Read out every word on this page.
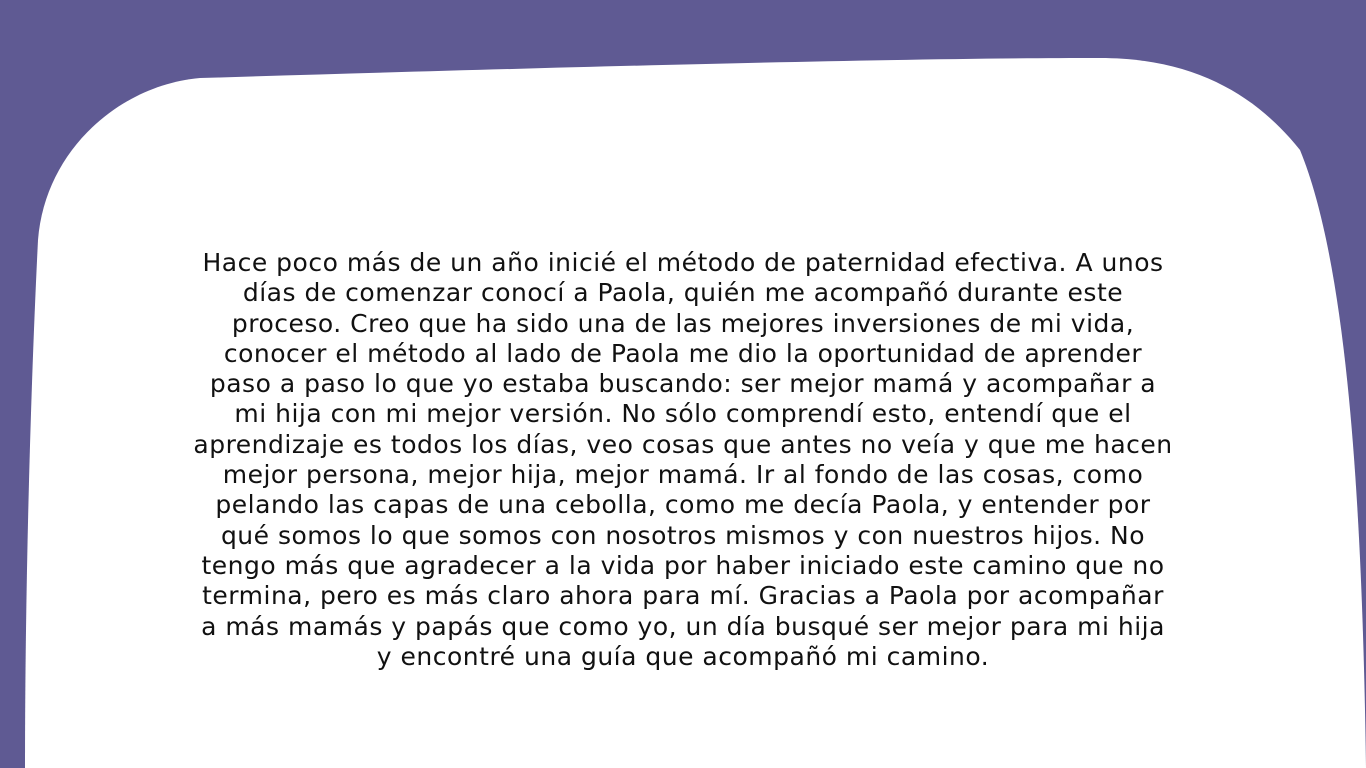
Hace poco más de un año inicié el método de paternidad efectiva. A unos
días de comenzar conocí a Paola, quién me acompañó durante este
proceso. Creo que ha sido una de las mejores inversiones de mi vida,
conocer el método al lado de Paola me dio la oportunidad de aprender
paso a paso lo que yo estaba buscando: ser mejor mamá y acompañar a
mi hija con mi mejor versión. No sólo comprendí esto, entendí que el
aprendizaje es todos los días, veo cosas que antes no veía y que me hacen
mejor persona, mejor hija, mejor mamá. Ir al fondo de las cosas, como
pelando las capas de una cebolla, como me decía Paola, y entender por
qué somos lo que somos con nosotros mismos y con nuestros hijos. No
tengo más que agradecer a la vida por haber iniciado este camino que no
termina, pero es más claro ahora para mí. Gracias a Paola por acompañar
a más mamás y papás que como yo, un día busqué ser mejor para mi hija
y encontré una guía que acompañó mi camino.
